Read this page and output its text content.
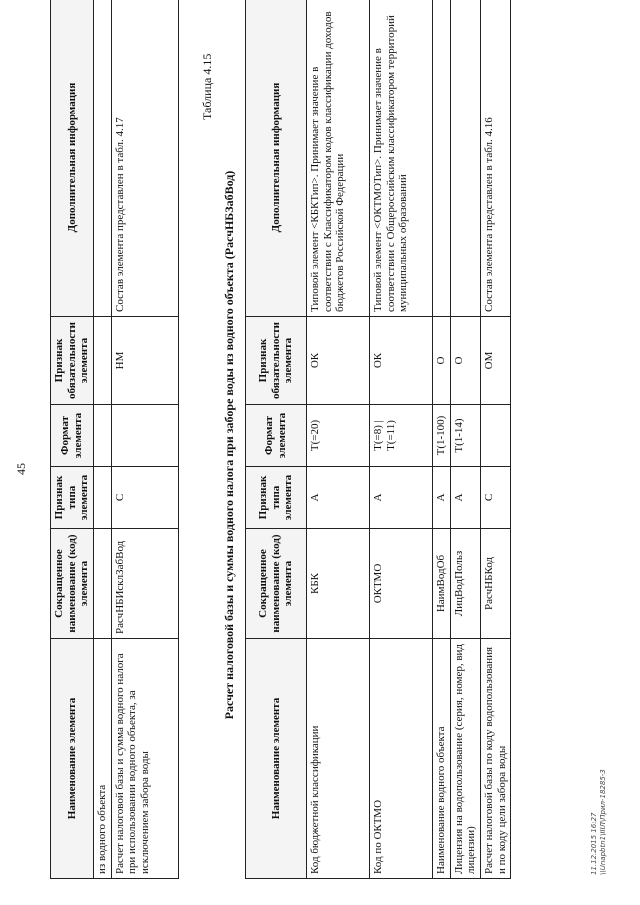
45
Наименование элемента	Сокращенное наименование (код) элемента	Признак типа элемента	Формат элемента	Признак обязательности элемента	Дополнительная информация
из водного объекта					
Расчет налоговой базы и сумма водного налога при использовании водного объекта, за исключением забора воды	РасчНБИсклЗабВод	С		НМ	Состав элемента представлен в табл. 4.17
Таблица 4.15
Расчет налоговой базы и суммы водного налога при заборе воды из водного объекта (РасчНБЗабВод)
Наименование элемента	Сокращенное наименование (код) элемента	Признак типа элемента	Формат элемента	Признак обязательности элемента	Дополнительная информация
Код бюджетной классификации	КБК	А	T(=20)	ОК	Типовой элемент <КБКТип>. Принимает значение в соответствии с Классификатором кодов классификации доходов бюджетов Российской Федерации
Код по ОКТМО	ОКТМО	А	T(=8) | T(=11)	ОК	Типовой элемент <ОКТМОТип>. Принимает значение в соответствии с Общероссийским классификатором территорий муниципальных образований
Наименование водного объекта	НаимВодОб	А	T(1-100)	О	
Лицензия на водопользование (серия, номер, вид лицензии)	ЛицВодПольз	А	T(1-14)	О	
Расчет налоговой базы по коду водопользования и по коду цели забора воды	РасчНБКод	С		ОМ	Состав элемента представлен в табл. 4.16
11.12.2015 16:27 \\Unapbtn1\IIIЛ\Прил-18285-3
